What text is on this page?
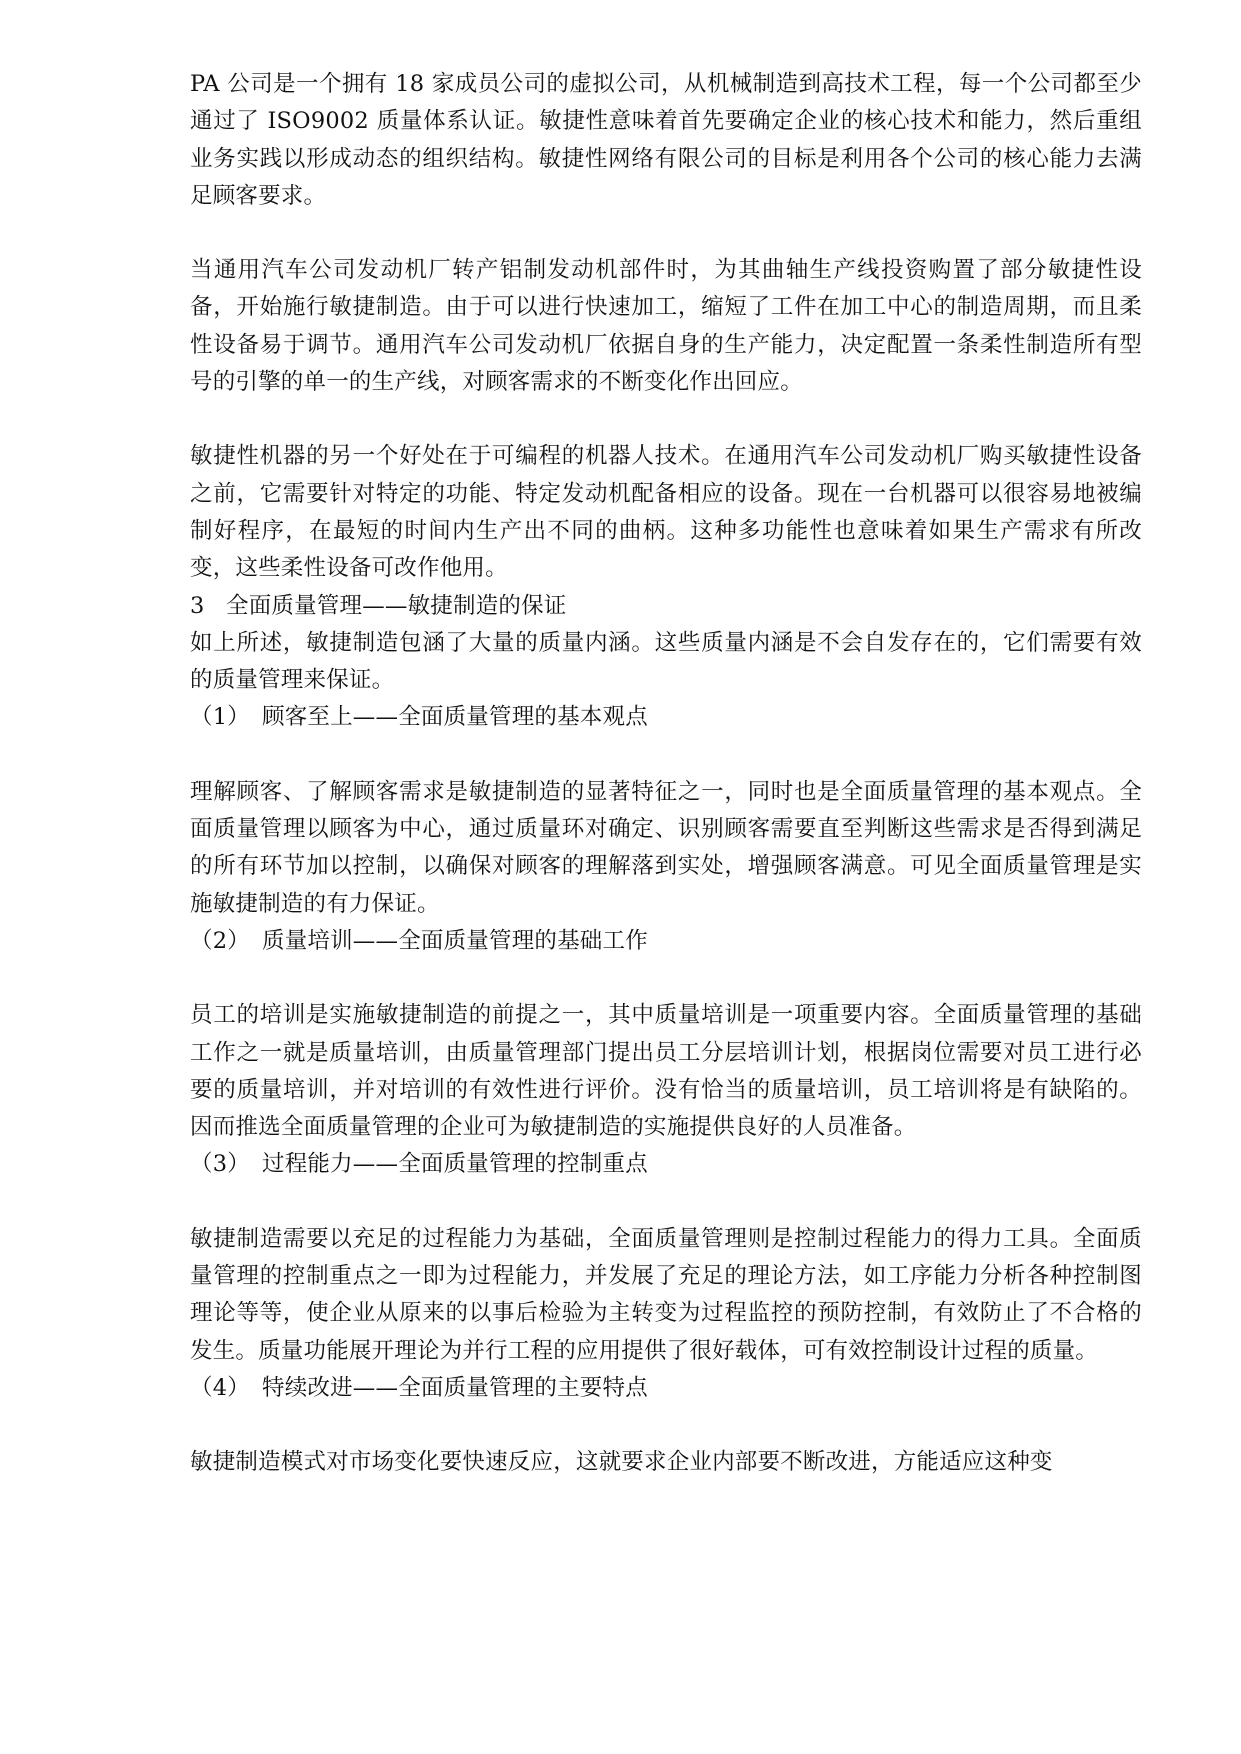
PA 公司是一个拥有 18 家成员公司的虚拟公司，从机械制造到高技术工程，每一个公司都至少通过了 ISO9002 质量体系认证。敏捷性意味着首先要确定企业的核心技术和能力，然后重组业务实践以形成动态的组织结构。敏捷性网络有限公司的目标是利用各个公司的核心能力去满足顾客要求。

当通用汽车公司发动机厂转产铝制发动机部件时，为其曲轴生产线投资购置了部分敏捷性设备，开始施行敏捷制造。由于可以进行快速加工，缩短了工件在加工中心的制造周期，而且柔性设备易于调节。通用汽车公司发动机厂依据自身的生产能力，决定配置一条柔性制造所有型号的引擎的单一的生产线，对顾客需求的不断变化作出回应。

敏捷性机器的另一个好处在于可编程的机器人技术。在通用汽车公司发动机厂购买敏捷性设备之前，它需要针对特定的功能、特定发动机配备相应的设备。现在一台机器可以很容易地被编制好程序，在最短的时间内生产出不同的曲柄。这种多功能性也意味着如果生产需求有所改变，这些柔性设备可改作他用。

3 全面质量管理——敏捷制造的保证

如上所述，敏捷制造包涵了大量的质量内涵。这些质量内涵是不会自发存在的，它们需要有效的质量管理来保证。

（1） 顾客至上——全面质量管理的基本观点

理解顾客、了解顾客需求是敏捷制造的显著特征之一，同时也是全面质量管理的基本观点。全面质量管理以顾客为中心，通过质量环对确定、识别顾客需要直至判断这些需求是否得到满足的所有环节加以控制，以确保对顾客的理解落到实处，增强顾客满意。可见全面质量管理是实施敏捷制造的有力保证。

（2） 质量培训——全面质量管理的基础工作

员工的培训是实施敏捷制造的前提之一，其中质量培训是一项重要内容。全面质量管理的基础工作之一就是质量培训，由质量管理部门提出员工分层培训计划，根据岗位需要对员工进行必要的质量培训，并对培训的有效性进行评价。没有恰当的质量培训，员工培训将是有缺陷的。因而推选全面质量管理的企业可为敏捷制造的实施提供良好的人员准备。

（3） 过程能力——全面质量管理的控制重点

敏捷制造需要以充足的过程能力为基础，全面质量管理则是控制过程能力的得力工具。全面质量管理的控制重点之一即为过程能力，并发展了充足的理论方法，如工序能力分析各种控制图理论等等，使企业从原来的以事后检验为主转变为过程监控的预防控制，有效防止了不合格的发生。质量功能展开理论为并行工程的应用提供了很好载体，可有效控制设计过程的质量。

（4） 特续改进——全面质量管理的主要特点

敏捷制造模式对市场变化要快速反应，这就要求企业内部要不断改进，方能适应这种变
